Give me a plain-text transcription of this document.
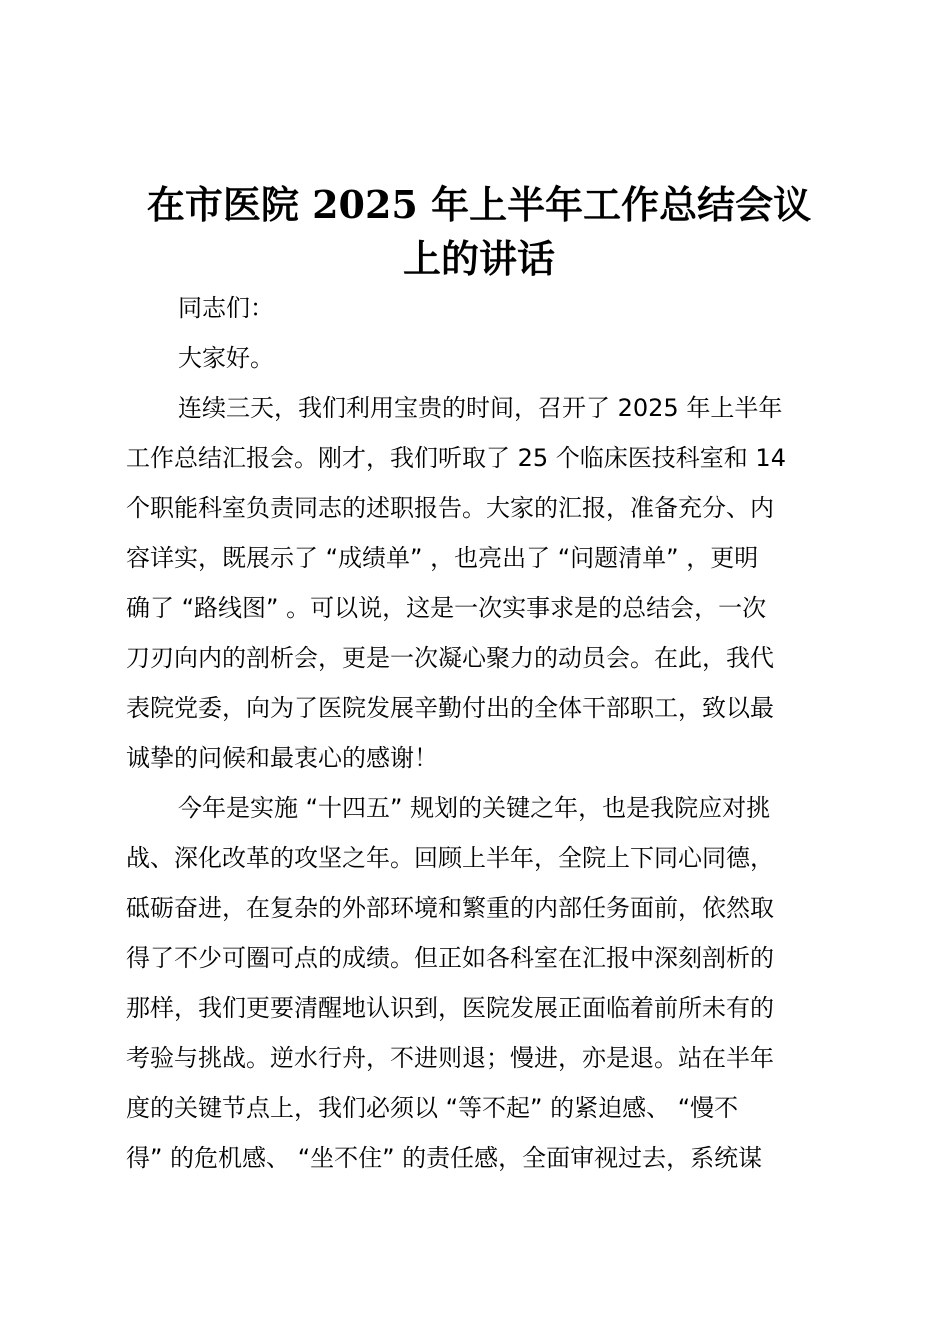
在市医院 2025 年上半年工作总结会议
上的讲话

同志们：

大家好。

连续三天，我们利用宝贵的时间，召开了 2025 年上半年
工作总结汇报会。刚才，我们听取了 25 个临床医技科室和 14
个职能科室负责同志的述职报告。大家的汇报，准备充分、内
容详实，既展示了 “成绩单” ，也亮出了 “问题清单” ，更明
确了 “路线图” 。可以说，这是一次实事求是的总结会，一次
刀刃向内的剖析会，更是一次凝心聚力的动员会。在此，我代
表院党委，向为了医院发展辛勤付出的全体干部职工，致以最
诚挚的问候和最衷心的感谢！

今年是实施 “十四五” 规划的关键之年，也是我院应对挑
战、深化改革的攻坚之年。回顾上半年，全院上下同心同德，
砥砺奋进，在复杂的外部环境和繁重的内部任务面前，依然取
得了不少可圈可点的成绩。但正如各科室在汇报中深刻剖析的
那样，我们更要清醒地认识到，医院发展正面临着前所未有的
考验与挑战。逆水行舟，不进则退；慢进，亦是退。站在半年
度的关键节点上，我们必须以 “等不起” 的紧迫感、 “慢不
得” 的危机感、 “坐不住” 的责任感，全面审视过去，系统谋
